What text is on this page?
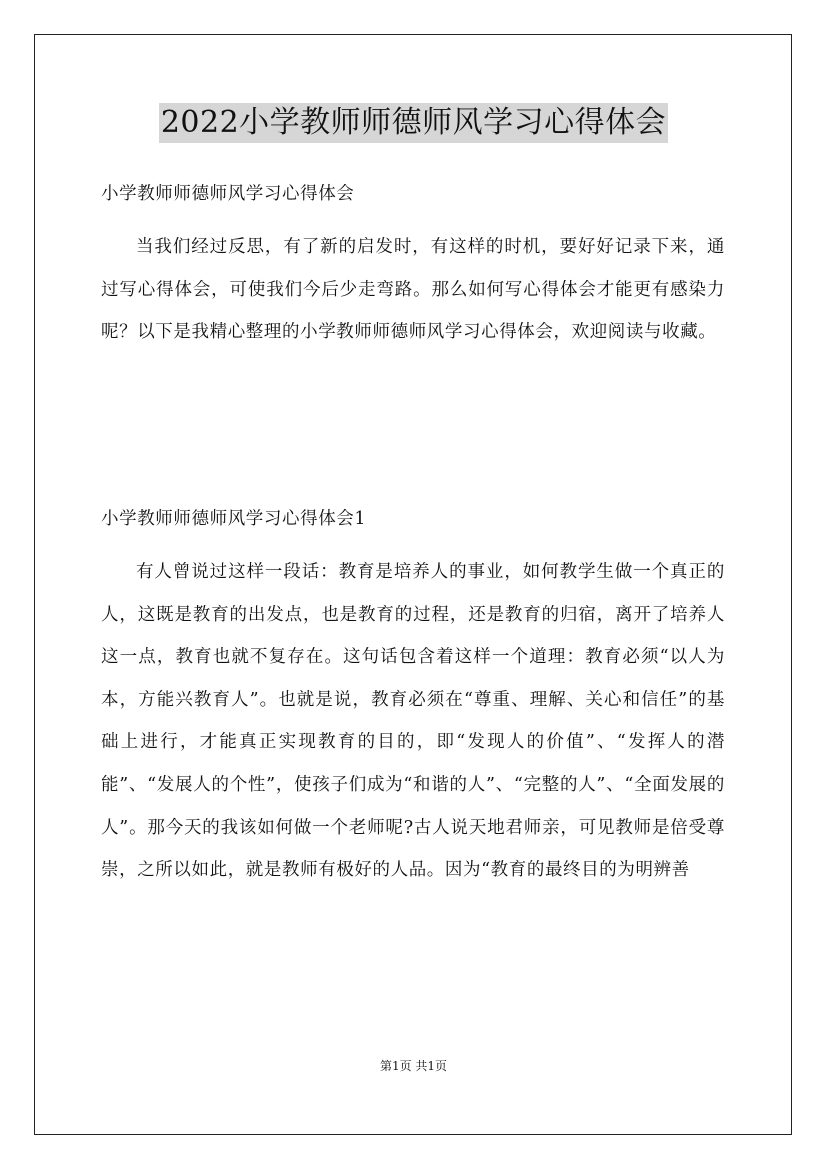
2022小学教师师德师风学习心得体会

小学教师师德师风学习心得体会

当我们经过反思，有了新的启发时，有这样的时机，要好好记录下来，通过写心得体会，可使我们今后少走弯路。那么如何写心得体会才能更有感染力呢？以下是我精心整理的小学教师师德师风学习心得体会，欢迎阅读与收藏。

小学教师师德师风学习心得体会1

有人曾说过这样一段话：教育是培养人的事业，如何教学生做一个真正的人，这既是教育的出发点，也是教育的过程，还是教育的归宿，离开了培养人这一点，教育也就不复存在。这句话包含着这样一个道理：教育必须“以人为本，方能兴教育人”。也就是说，教育必须在“尊重、理解、关心和信任”的基础上进行，才能真正实现教育的目的，即“发现人的价值”、“发挥人的潜能”、“发展人的个性”，使孩子们成为“和谐的人”、“完整的人”、“全面发展的人”。那今天的我该如何做一个老师呢?古人说天地君师亲，可见教师是倍受尊崇，之所以如此，就是教师有极好的人品。因为“教育的最终目的为明辨善

第1页 共1页
